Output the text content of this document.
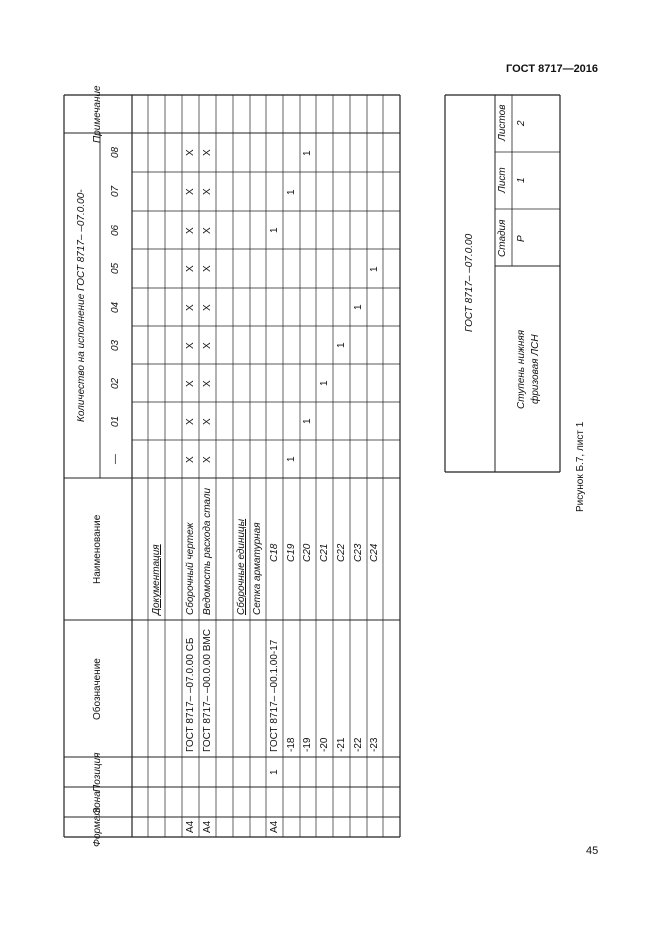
ГОСТ 8717—2016
Формат
Зона
Позиция
Обозначение
Наименование
Количество на исполнение ГОСТ 8717– –07.0.00-
Примечание
—
01
02
03
04
05
06
07
08
Документация
А4
ГОСТ 8717– –07.0.00 СБ
Сборочный чертеж
X
X
X
X
X
X
X
X
X
А4
ГОСТ 8717– –00.0.00 ВМС
Ведомость расхода стали
X
X
X
X
X
X
X
X
X
Сборочные единицы Сетка арматурная
А4
1
ГОСТ 8717– –00.1.00-17
С18
1
-18
С19
1
1
-19
С20
1
1
-20
С21
1
-21
С22
1
-22
С23
1
-23
С24
1	ГОСТ 8717– –07.0.00
Ступень нижняя фризовая ЛСН
Стадия Р
Лист 1
Листов 2
Рисунок Б.7, лист 1
45
